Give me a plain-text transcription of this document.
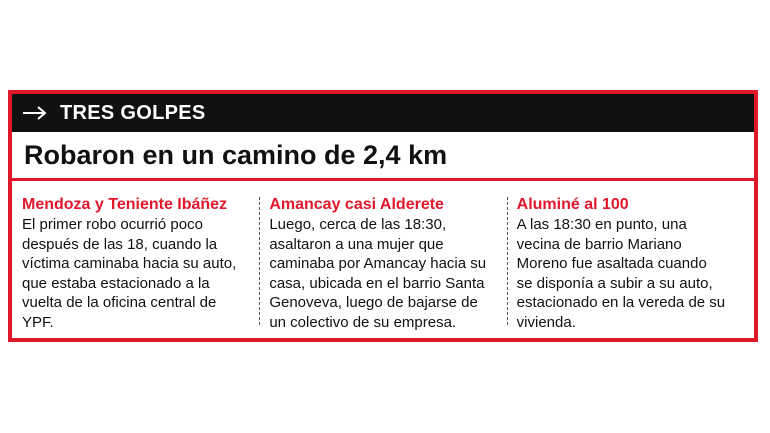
TRES GOLPES
Robaron en un camino de 2,4 km
Mendoza y Teniente Ibáñez
El primer robo ocurrió poco
después de las 18, cuando la
víctima caminaba hacia su auto,
que estaba estacionado a la
vuelta de la oficina central de
YPF.
Amancay casi Alderete
Luego, cerca de las 18:30,
asaltaron a una mujer que
caminaba por Amancay hacia su
casa, ubicada en el barrio Santa
Genoveva, luego de bajarse de
un colectivo de su empresa.
Aluminé al 100
A las 18:30 en punto, una
vecina de barrio Mariano
Moreno fue asaltada cuando
se disponía a subir a su auto,
estacionado en la vereda de su
vivienda.
